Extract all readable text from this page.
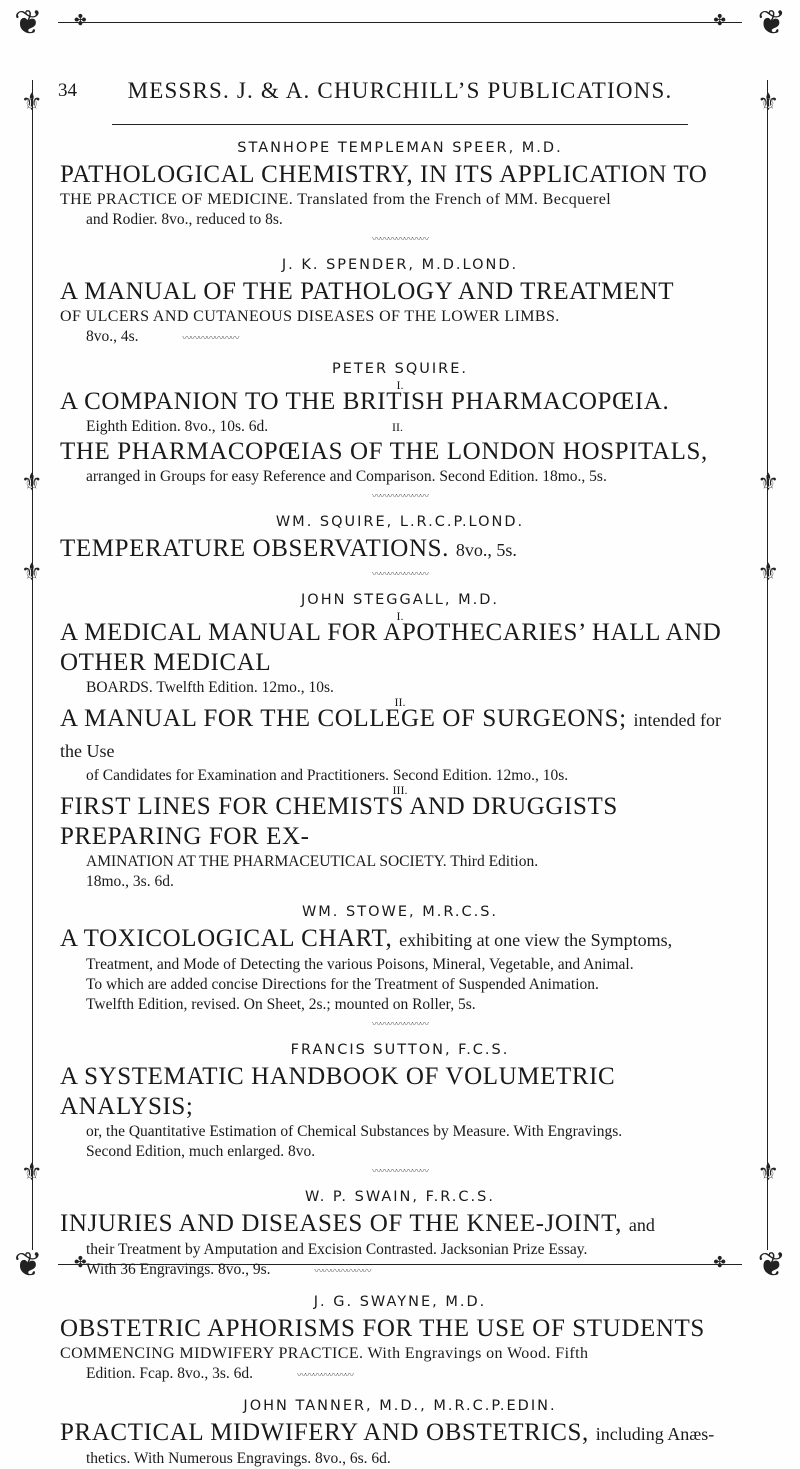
❦	❦
❦	❦
✤	✤
✤	✤
⚜	⚜
⚜	⚜
⚜	⚜
⚜	⚜
34	MESSRS. J. & A. CHURCHILL’S PUBLICATIONS.
STANHOPE TEMPLEMAN SPEER, M.D.
PATHOLOGICAL CHEMISTRY, IN ITS APPLICATION TO
THE PRACTICE OF MEDICINE. Translated from the French of MM. Becquerel
and Rodier. 8vo., reduced to 8s.
〰〰〰〰〰〰〰
J. K. SPENDER, M.D.LOND.
A MANUAL OF THE PATHOLOGY AND TREATMENT
OF ULCERS AND CUTANEOUS DISEASES OF THE LOWER LIMBS.
8vo., 4s.	〰〰〰〰〰〰〰
PETER SQUIRE.
I.
A COMPANION TO THE BRITISH PHARMACOPŒIA.
Eighth Edition. 8vo., 10s. 6d.	II.
THE PHARMACOPŒIAS OF THE LONDON HOSPITALS,
arranged in Groups for easy Reference and Comparison. Second Edition. 18mo., 5s.
〰〰〰〰〰〰〰
WM. SQUIRE, L.R.C.P.LOND.
TEMPERATURE OBSERVATIONS. 8vo., 5s.
〰〰〰〰〰〰〰
JOHN STEGGALL, M.D.
I.
A MEDICAL MANUAL FOR APOTHECARIES’ HALL AND OTHER MEDICAL
BOARDS. Twelfth Edition. 12mo., 10s.
II.
A MANUAL FOR THE COLLEGE OF SURGEONS; intended for the Use
of Candidates for Examination and Practitioners. Second Edition. 12mo., 10s.
III.
FIRST LINES FOR CHEMISTS AND DRUGGISTS PREPARING FOR EX-
AMINATION AT THE PHARMACEUTICAL SOCIETY. Third Edition.
18mo., 3s. 6d.
WM. STOWE, M.R.C.S.
A TOXICOLOGICAL CHART, exhibiting at one view the Symptoms,
Treatment, and Mode of Detecting the various Poisons, Mineral, Vegetable, and Animal.
To which are added concise Directions for the Treatment of Suspended Animation.
Twelfth Edition, revised. On Sheet, 2s.; mounted on Roller, 5s.
〰〰〰〰〰〰〰
FRANCIS SUTTON, F.C.S.
A SYSTEMATIC HANDBOOK OF VOLUMETRIC ANALYSIS;
or, the Quantitative Estimation of Chemical Substances by Measure. With Engravings.
Second Edition, much enlarged. 8vo.
〰〰〰〰〰〰〰
W. P. SWAIN, F.R.C.S.
INJURIES AND DISEASES OF THE KNEE-JOINT, and
their Treatment by Amputation and Excision Contrasted. Jacksonian Prize Essay.
With 36 Engravings. 8vo., 9s.	〰〰〰〰〰〰〰
J. G. SWAYNE, M.D.
OBSTETRIC APHORISMS FOR THE USE OF STUDENTS
COMMENCING MIDWIFERY PRACTICE. With Engravings on Wood. Fifth
Edition. Fcap. 8vo., 3s. 6d.	〰〰〰〰〰〰〰
JOHN TANNER, M.D., M.R.C.P.EDIN.
PRACTICAL MIDWIFERY AND OBSTETRICS, including Anæs-
thetics. With Numerous Engravings. 8vo., 6s. 6d.
